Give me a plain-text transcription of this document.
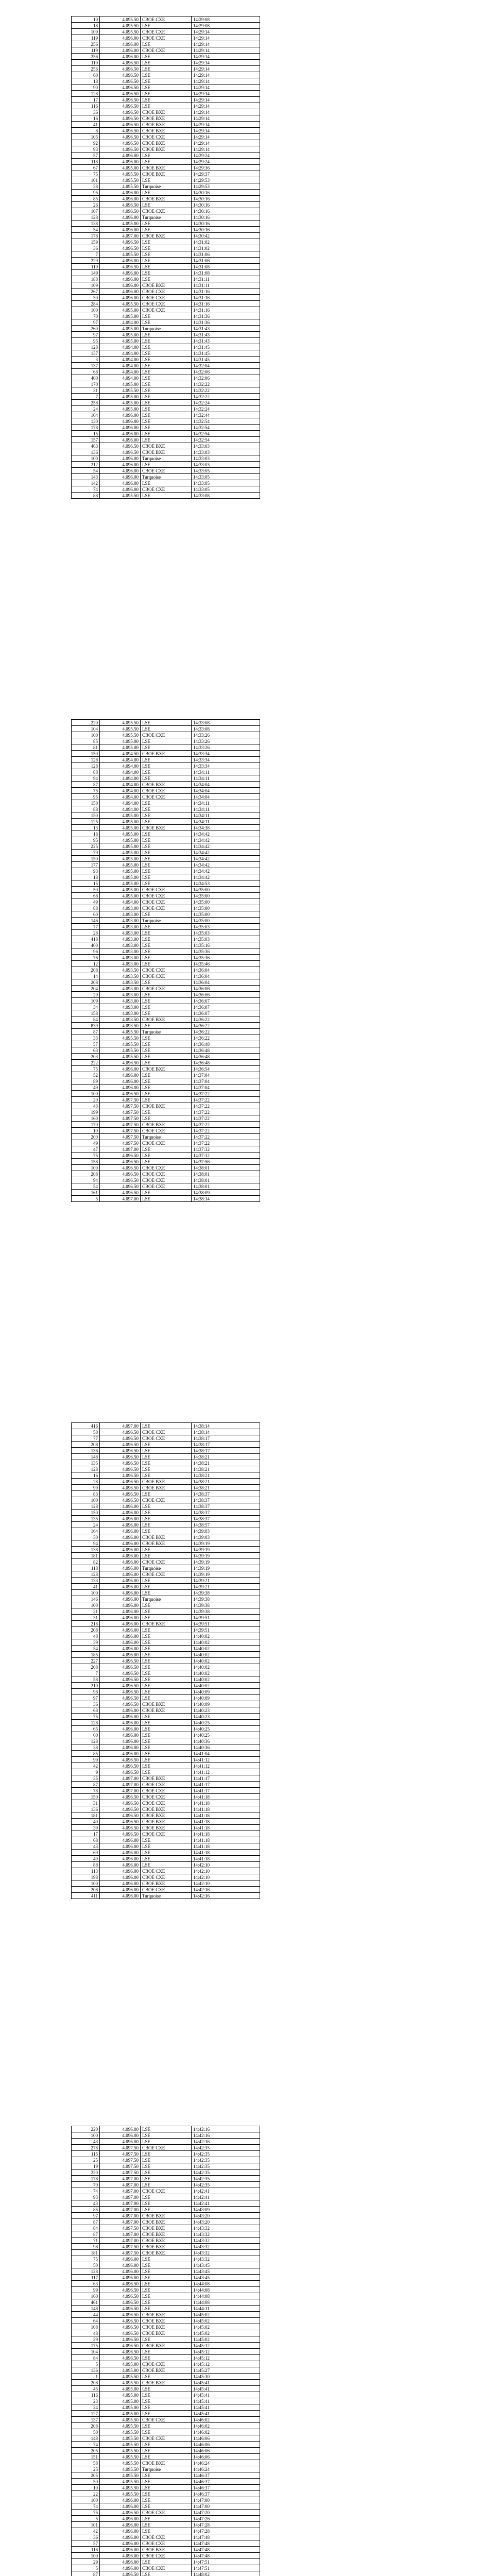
10	4.095.50	CBOE CXE	14:29:08
18	4.095.50	LSE	14:29:08
109	4.095.50	CBOE CXE	14:29:14
119	4.096.00	CBOE CXE	14:29:14
256	4.096.00	LSE	14:29:14
119	4.096.00	CBOE CXE	14:29:14
256	4.096.00	LSE	14:29:14
119	4.096.50	LSE	14:29:14
256	4.096.50	LSE	14:29:14
60	4.096.50	LSE	14:29:14
18	4.096.50	LSE	14:29:14
90	4.096.50	LSE	14:29:14
128	4.096.50	LSE	14:29:14
17	4.096.50	LSE	14:29:14
116	4.096.50	LSE	14:29:14
36	4.096.50	CBOE BXE	14:29:14
16	4.096.50	CBOE BXE	14:29:14
41	4.096.50	CBOE BXE	14:29:14
8	4.096.50	CBOE BXE	14:29:14
105	4.096.50	CBOE CXE	14:29:14
92	4.096.50	CBOE BXE	14:29:14
93	4.096.50	CBOE BXE	14:29:14
57	4.096.00	LSE	14:29:24
118	4.096.00	LSE	14:29:24
67	4.095.00	CBOE BXE	14:29:36
75	4.095.50	CBOE BXE	14:29:37
101	4.095.50	LSE	14:29:53
38	4.095.50	Turquoise	14:29:53
95	4.096.00	LSE	14:30:16
85	4.096.00	CBOE BXE	14:30:16
26	4.096.50	LSE	14:30:16
107	4.096.50	CBOE CXE	14:30:16
128	4.096.00	Turquoise	14:30:16
138	4.095.00	LSE	14:30:16
54	4.096.00	LSE	14:30:16
178	4.097.00	CBOE BXE	14:30:42
159	4.096.50	LSE	14:31:02
36	4.096.50	LSE	14:31:02
7	4.095.50	LSE	14:31:06
229	4.096.00	LSE	14:31:06
119	4.096.50	LSE	14:31:08
149	4.096.00	LSE	14:31:08
188	4.096.00	LSE	14:31:11
109	4.096.00	CBOE BXE	14:31:11
267	4.096.00	CBOE CXE	14:31:16
30	4.096.00	CBOE CXE	14:31:16
284	4.095.50	CBOE CXE	14:31:16
100	4.095.00	CBOE CXE	14:31:16
70	4.095.00	LSE	14:31:36
97	4.094.00	LSE	14:31:36
260	4.095.00	Turquoise	14:31:43
97	4.095.00	LSE	14:31:43
95	4.095.00	LSE	14:31:43
128	4.094.00	LSE	14:31:45
137	4.094.00	LSE	14:31:45
3	4.094.00	LSE	14:31:45
137	4.094.00	LSE	14:32:04
68	4.094.00	LSE	14:32:06
400	4.094.00	LSE	14:32:06
170	4.095.00	LSE	14:32:22
31	4.095.50	LSE	14:32:22
7	4.095.00	LSE	14:32:22
258	4.095.00	LSE	14:32:24
24	4.095.00	LSE	14:32:24
104	4.096.00	LSE	14:32:44
130	4.096.00	LSE	14:32:54
178	4.096.00	LSE	14:32:54
15	4.096.00	LSE	14:32:54
157	4.096.00	LSE	14:32:54
463	4.096.50	CBOE BXE	14:33:03
136	4.096.50	CBOE BXE	14:33:03
100	4.096.00	Turquoise	14:33:03
212	4.096.00	LSE	14:33:03
54	4.096.00	CBOE CXE	14:33:05
143	4.096.00	Turquoise	14:33:05
142	4.096.00	LSE	14:33:05
74	4.096.00	CBOE CXE	14:33:05
88	4.095.50	LSE	14:33:08
220	4.095.50	LSE	14:33:08
104	4.095.50	LSE	14:33:08
100	4.095.50	CBOE CXE	14:33:26
85	4.095.00	LSE	14:33:26
81	4.095.00	LSE	14:33:26
150	4.094.50	CBOE BXE	14:33:34
128	4.094.00	LSE	14:33:34
128	4.094.00	LSE	14:33:34
88	4.094.00	LSE	14:34:11
94	4.094.00	LSE	14:34:11
87	4.094.00	CBOE BXE	14:34:04
75	4.094.00	CBOE CXE	14:34:04
95	4.094.00	CBOE CXE	14:34:04
150	4.094.00	LSE	14:34:11
88	4.094.00	LSE	14:34:11
150	4.095.00	LSE	14:34:11
125	4.095.00	LSE	14:34:11
13	4.095.00	CBOE BXE	14:34:38
18	4.095.00	LSE	14:34:42
95	4.095.00	LSE	14:34:42
225	4.095.00	LSE	14:34:42
79	4.095.00	LSE	14:34:42
150	4.095.00	LSE	14:34:42
177	4.095.00	LSE	14:34:42
93	4.095.00	LSE	14:34:42
18	4.095.00	LSE	14:34:42
15	4.095.00	LSE	14:34:53
50	4.095.00	CBOE CXE	14:35:00
68	4.095.00	CBOE CXE	14:35:00
49	4.094.00	CBOE CXE	14:35:00
88	4.093.00	CBOE CXE	14:35:00
60	4.093.00	LSE	14:35:00
146	4.093.00	Turquoise	14:35:00
77	4.093.00	LSE	14:35:03
28	4.093.00	LSE	14:35:03
418	4.093.00	LSE	14:35:03
400	4.093.00	LSE	14:35:16
96	4.093.00	LSE	14:35:36
76	4.093.00	LSE	14:35:36
12	4.093.00	LSE	14:35:46
208	4.093.50	CBOE CXE	14:36:04
14	4.093.50	CBOE CXE	14:36:04
208	4.093.50	LSE	14:36:04
204	4.093.00	CBOE CXE	14:36:06
29	4.093.00	LSE	14:36:06
109	4.093.00	LSE	14:36:07
34	4.093.00	LSE	14:36:07
158	4.093.00	LSE	14:36:07
84	4.093.50	CBOE BXE	14:36:22
839	4.093.50	LSE	14:36:22
87	4.095.50	Turquoise	14:36:22
33	4.095.50	LSE	14:36:22
57	4.095.50	LSE	14:36:48
63	4.095.50	LSE	14:36:48
203	4.095.50	LSE	14:36:48
222	4.096.50	LSE	14:36:48
75	4.096.00	CBOE BXE	14:36:54
52	4.096.00	LSE	14:37:04
89	4.096.00	LSE	14:37:04
49	4.096.00	LSE	14:37:04
100	4.096.50	LSE	14:37:22
20	4.097.50	LSE	14:37:22
43	4.097.50	CBOE BXE	14:37:22
199	4.097.50	LSE	14:37:22
160	4.097.50	LSE	14:37:22
170	4.097.50	CBOE BXE	14:37:22
10	4.097.50	CBOE CXE	14:37:22
200	4.097.50	Turquoise	14:37:22
49	4.097.50	CBOE CXE	14:37:22
47	4.097.00	LSE	14:37:32
75	4.096.50	LSE	14:37:32
158	4.096.50	LSE	14:37:56
100	4.096.50	CBOE CXE	14:38:01
208	4.096.50	CBOE CXE	14:38:01
94	4.096.50	CBOE CXE	14:38:01
54	4.096.50	CBOE CXE	14:38:01
161	4.096.50	LSE	14:38:09
5	4.097.00	LSE	14:38:14
416	4.097.00	LSE	14:38:14
50	4.096.50	CBOE CXE	14:38:14
77	4.096.50	CBOE CXE	14:38:17
208	4.096.50	LSE	14:38:17
136	4.096.50	LSE	14:38:17
148	4.096.50	LSE	14:38:21
135	4.096.50	LSE	14:38:21
128	4.096.50	LSE	14:38:21
16	4.096.50	LSE	14:38:21
28	4.096.50	CBOE BXE	14:38:21
99	4.096.50	CBOE BXE	14:38:21
83	4.096.50	LSE	14:38:37
100	4.096.50	CBOE CXE	14:38:37
128	4.096.00	LSE	14:38:37
150	4.096.00	LSE	14:38:37
135	4.096.00	LSE	14:38:37
24	4.096.00	LSE	14:38:57
164	4.096.00	LSE	14:39:03
30	4.096.00	CBOE BXE	14:39:03
94	4.096.00	CBOE BXE	14:39:19
138	4.096.00	LSE	14:39:19
181	4.096.00	LSE	14:39:19
82	4.096.00	CBOE CXE	14:39:19
118	4.096.00	Turquoise	14:39:19
128	4.096.00	CBOE CXE	14:39:19
133	4.096.00	LSE	14:39:21
41	4.096.00	LSE	14:39:21
100	4.096.00	LSE	14:39:38
146	4.096.00	Turquoise	14:39:38
100	4.096.00	LSE	14:39:38
21	4.096.00	LSE	14:39:38
31	4.096.00	LSE	14:39:51
218	4.096.00	CBOE BXE	14:39:51
208	4.096.00	LSE	14:39:51
48	4.096.00	LSE	14:40:02
39	4.096.00	LSE	14:40:02
54	4.096.00	LSE	14:40:02
185	4.096.00	LSE	14:40:02
227	4.096.50	LSE	14:40:02
208	4.096.50	LSE	14:40:02
7	4.096.50	LSE	14:40:02
58	4.096.50	LSE	14:40:02
210	4.096.50	LSE	14:40:02
96	4.096.50	LSE	14:40:09
97	4.096.50	LSE	14:40:09
36	4.096.50	CBOE BXE	14:40:09
68	4.096.00	CBOE BXE	14:40:23
75	4.096.00	LSE	14:40:23
128	4.096.00	LSE	14:40:25
65	4.096.00	LSE	14:40:25
60	4.096.00	LSE	14:40:25
128	4.096.00	LSE	14:40:36
38	4.096.00	LSE	14:40:36
85	4.096.00	LSE	14:41:04
99	4.096.50	LSE	14:41:12
42	4.096.50	LSE	14:41:12
9	4.096.50	LSE	14:41:12
35	4.097.00	CBOE BXE	14:41:17
87	4.097.00	CBOE CXE	14:41:17
78	4.097.00	CBOE CXE	14:41:17
150	4.096.50	CBOE CXE	14:41:18
31	4.096.50	CBOE CXE	14:41:18
136	4.096.50	CBOE BXE	14:41:18
181	4.096.50	CBOE BXE	14:41:18
40	4.096.50	CBOE BXE	14:41:18
39	4.096.50	CBOE BXE	14:41:18
17	4.096.50	CBOE CXE	14:41:18
68	4.096.00	LSE	14:41:18
43	4.096.00	LSE	14:41:18
69	4.096.00	LSE	14:41:18
49	4.096.00	LSE	14:41:18
88	4.096.00	LSE	14:42:10
113	4.096.00	CBOE CXE	14:42:10
198	4.096.00	CBOE CXE	14:42:10
100	4.096.00	CBOE BXE	14:42:10
208	4.096.00	CBOE CXE	14:42:16
411	4.096.00	Turquoise	14:42:16
220	4.096.00	LSE	14:42:16
100	4.096.00	LSE	14:42:16
43	4.096.00	LSE	14:42:16
278	4.097.50	CBOE CXE	14:42:35
115	4.097.50	LSE	14:42:35
25	4.097.50	LSE	14:42:35
19	4.097.50	LSE	14:42:35
220	4.097.50	LSE	14:42:35
178	4.097.00	LSE	14:42:35
70	4.097.00	LSE	14:42:35
74	4.097.00	CBOE CXE	14:42:41
93	4.097.00	LSE	14:42:41
43	4.097.00	LSE	14:42:41
85	4.097.00	LSE	14:43:09
97	4.097.00	CBOE BXE	14:43:20
87	4.097.00	CBOE BXE	14:43:20
84	4.097.50	CBOE BXE	14:43:32
87	4.097.00	CBOE BXE	14:43:32
71	4.097.00	CBOE BXE	14:43:32
98	4.097.50	CBOE BXE	14:43:32
181	4.097.50	CBOE BXE	14:43:32
75	4.096.00	LSE	14:43:32
50	4.096.00	LSE	14:43:45
128	4.096.00	LSE	14:43:45
117	4.096.00	LSE	14:43:45
63	4.096.50	LSE	14:44:08
99	4.096.50	LSE	14:44:08
160	4.096.50	LSE	14:44:08
461	4.096.50	LSE	14:44:08
148	4.096.50	LSE	14:44:11
44	4.096.50	CBOE BXE	14:45:02
64	4.096.50	CBOE BXE	14:45:02
108	4.096.50	CBOE BXE	14:45:02
48	4.096.50	CBOE BXE	14:45:02
29	4.096.50	LSE	14:45:02
175	4.096.50	CBOE BXE	14:45:12
104	4.096.50	LSE	14:45:12
84	4.096.50	LSE	14:45:12
5	4.095.00	CBOE CXE	14:45:12
136	4.095.00	CBOE BXE	14:45:27
1	4.095.50	LSE	14:45:30
208	4.095.50	CBOE BXE	14:45:41
45	4.095.00	LSE	14:45:41
116	4.095.00	LSE	14:45:41
23	4.095.00	LSE	14:45:41
24	4.095.00	LSE	14:45:41
127	4.095.00	LSE	14:45:41
137	4.095.50	CBOE CXE	14:46:02
208	4.095.50	LSE	14:46:02
50	4.095.50	LSE	14:46:02
148	4.095.50	CBOE CXE	14:46:06
74	4.095.50	LSE	14:46:06
205	4.095.50	LSE	14:46:06
151	4.095.50	LSE	14:46:06
58	4.095.50	CBOE BXE	14:46:24
25	4.095.50	Turquoise	14:46:24
205	4.095.50	LSE	14:46:37
50	4.095.50	LSE	14:46:37
10	4.095.50	LSE	14:46:37
22	4.095.50	LSE	14:46:37
100	4.096.00	LSE	14:47:00
74	4.096.00	LSE	14:47:00
75	4.096.50	CBOE CXE	14:47:20
5	4.096.00	LSE	14:47:26
101	4.096.00	LSE	14:47:28
42	4.096.00	LSE	14:47:28
36	4.096.00	CBOE CXE	14:47:48
57	4.096.00	CBOE CXE	14:47:48
116	4.096.00	CBOE BXE	14:47:48
100	4.096.00	CBOE CXE	14:47:48
29	4.096.00	LSE	14:47:51
5	4.096.00	CBOE CXE	14:47:51
87	4.096.50	LSE	14:48:02
